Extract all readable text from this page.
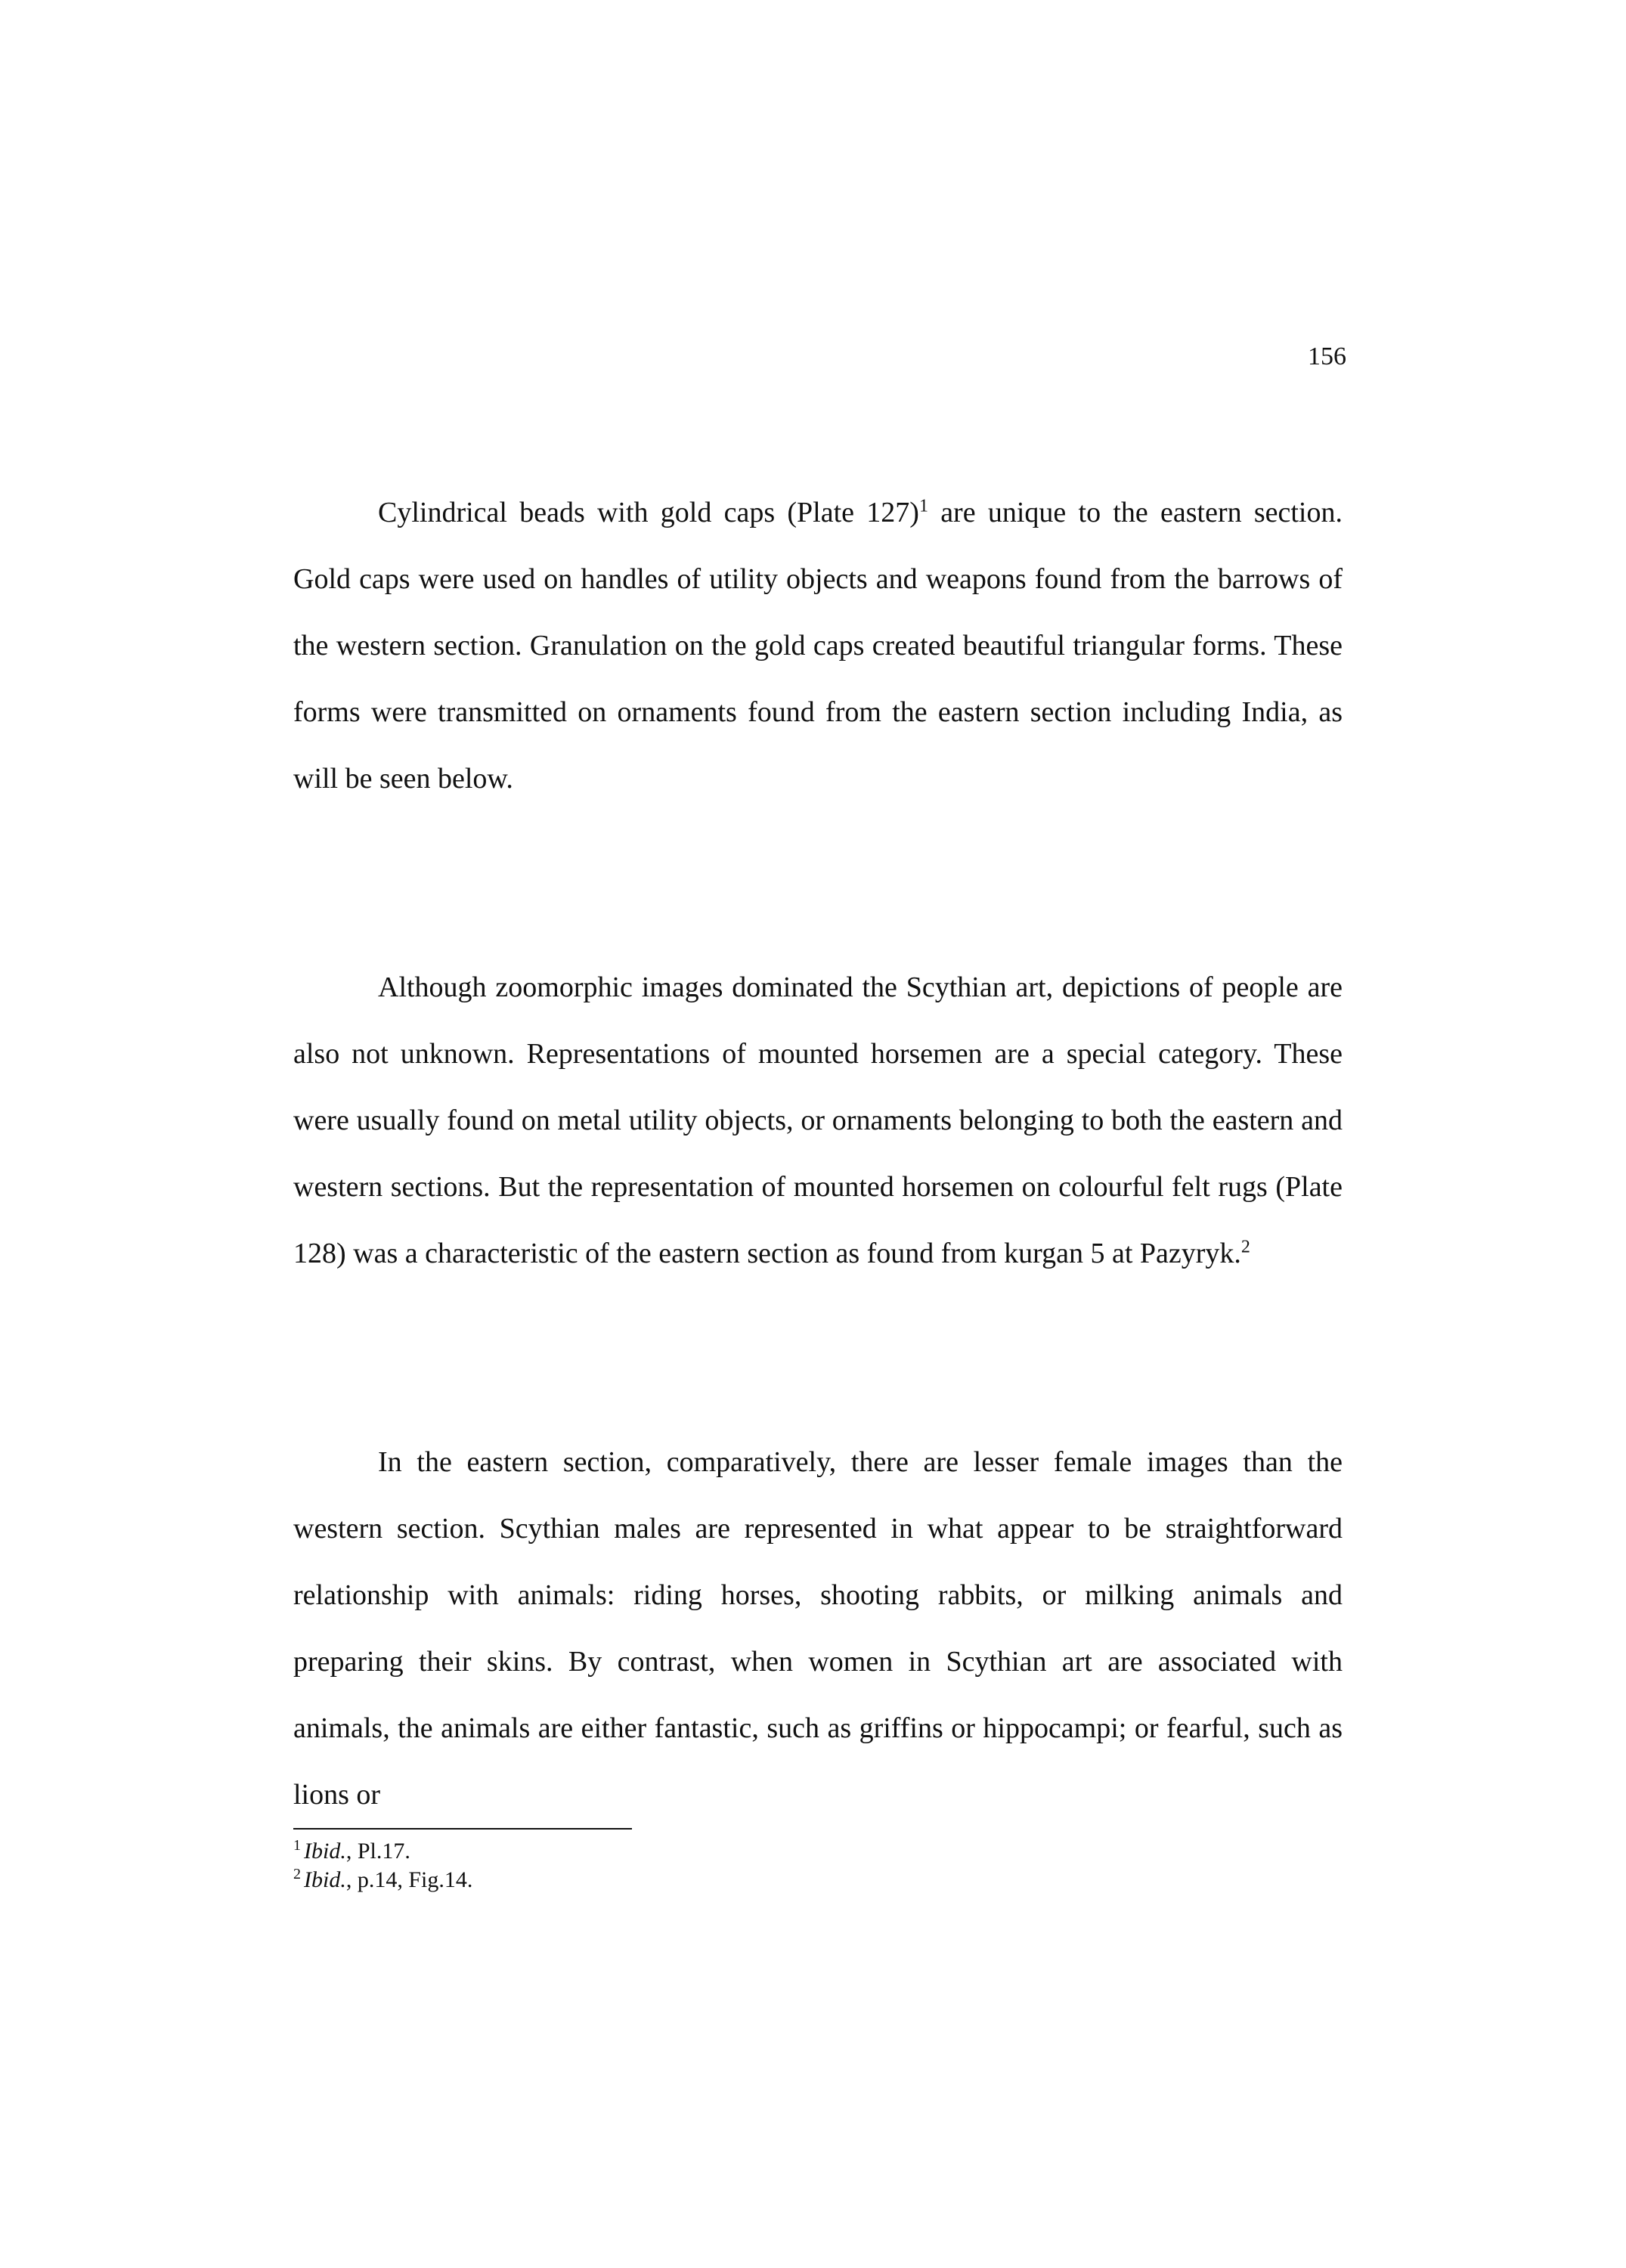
156

Cylindrical beads with gold caps (Plate 127)$^1$ are unique to the eastern section. Gold caps were used on handles of utility objects and weapons found from the barrows of the western section. Granulation on the gold caps created beautiful triangular forms. These forms were transmitted on ornaments found from the eastern section including India, as will be seen below.

Although zoomorphic images dominated the Scythian art, depictions of people are also not unknown. Representations of mounted horsemen are a special category. These were usually found on metal utility objects, or ornaments belonging to both the eastern and western sections. But the representation of mounted horsemen on colourful felt rugs (Plate 128) was a characteristic of the eastern section as found from kurgan 5 at Pazyryk.$^2$

In the eastern section, comparatively, there are lesser female images than the western section. Scythian males are represented in what appear to be straightforward relationship with animals: riding horses, shooting rabbits, or milking animals and preparing their skins. By contrast, when women in Scythian art are associated with animals, the animals are either fantastic, such as griffins or hippocampi; or fearful, such as lions or

$^1$ Ibid., Pl.17.
$^2$ Ibid., p.14, Fig.14.
